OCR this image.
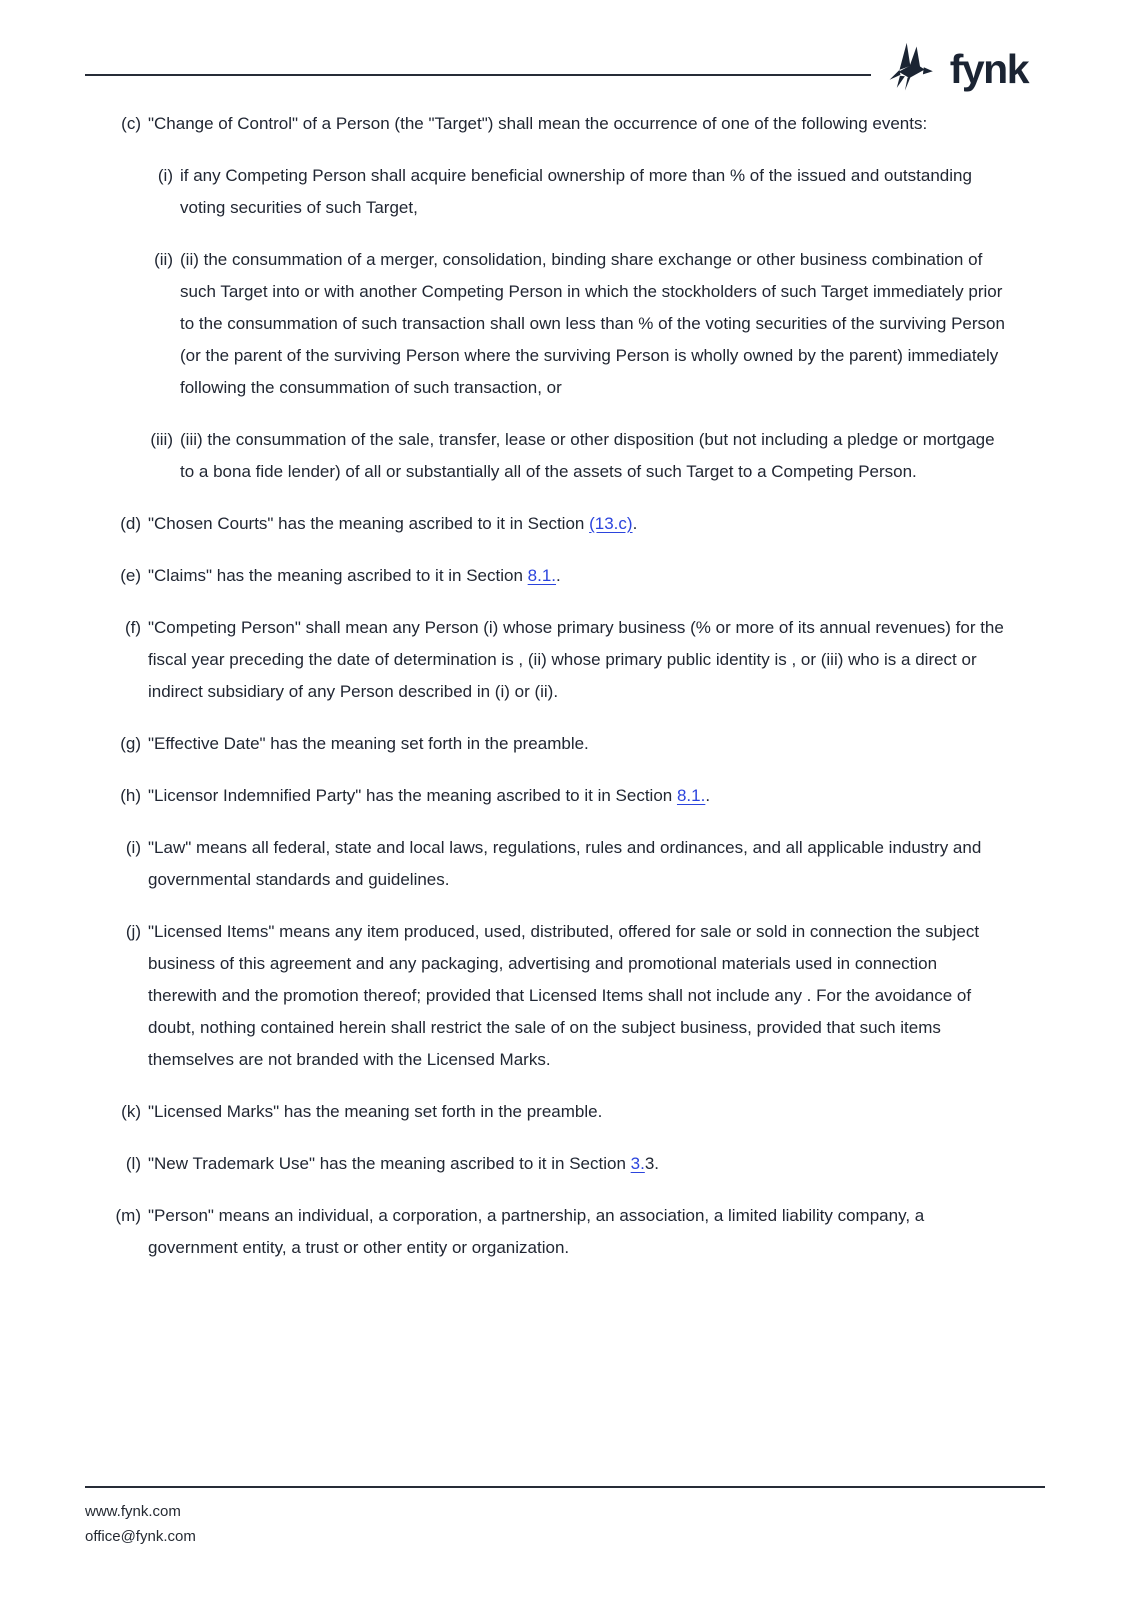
fynk
(c) "Change of Control" of a Person (the "Target") shall mean the occurrence of one of the following events:
(i) if any Competing Person shall acquire beneficial ownership of more than % of the issued and outstanding voting securities of such Target,
(ii) (ii) the consummation of a merger, consolidation, binding share exchange or other business combination of such Target into or with another Competing Person in which the stockholders of such Target immediately prior to the consummation of such transaction shall own less than % of the voting securities of the surviving Person (or the parent of the surviving Person where the surviving Person is wholly owned by the parent) immediately following the consummation of such transaction, or
(iii) (iii) the consummation of the sale, transfer, lease or other disposition (but not including a pledge or mortgage to a bona fide lender) of all or substantially all of the assets of such Target to a Competing Person.
(d) "Chosen Courts" has the meaning ascribed to it in Section (13.c).
(e) "Claims" has the meaning ascribed to it in Section 8.1..
(f) "Competing Person" shall mean any Person (i) whose primary business (% or more of its annual revenues) for the fiscal year preceding the date of determination is , (ii) whose primary public identity is , or (iii) who is a direct or indirect subsidiary of any Person described in (i) or (ii).
(g) "Effective Date" has the meaning set forth in the preamble.
(h) "Licensor Indemnified Party" has the meaning ascribed to it in Section 8.1..
(i) "Law" means all federal, state and local laws, regulations, rules and ordinances, and all applicable industry and governmental standards and guidelines.
(j) "Licensed Items" means any item produced, used, distributed, offered for sale or sold in connection the subject business of this agreement and any packaging, advertising and promotional materials used in connection therewith and the promotion thereof; provided that Licensed Items shall not include any . For the avoidance of doubt, nothing contained herein shall restrict the sale of on the subject business, provided that such items themselves are not branded with the Licensed Marks.
(k) "Licensed Marks" has the meaning set forth in the preamble.
(l) "New Trademark Use" has the meaning ascribed to it in Section 3.3.
(m) "Person" means an individual, a corporation, a partnership, an association, a limited liability company, a government entity, a trust or other entity or organization.
www.fynk.com
office@fynk.com
